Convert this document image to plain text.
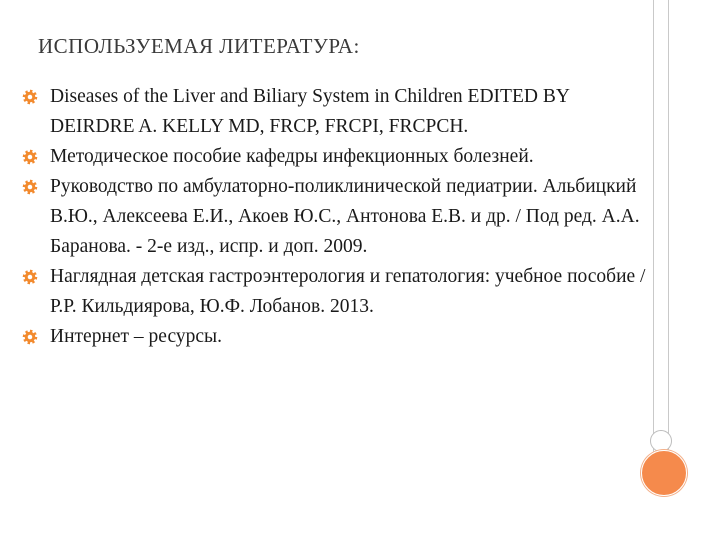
ИСПОЛЬЗУЕМАЯ ЛИТЕРАТУРА:
Diseases of the Liver and Biliary System in Children EDITED BY DEIRDRE A. KELLY MD, FRCP, FRCPI, FRCPCH.
Методическое пособие кафедры инфекционных болезней.
Руководство по амбулаторно-поликлинической педиатрии. Альбицкий В.Ю., Алексеева Е.И., Акоев Ю.С., Антонова Е.В. и др. / Под ред. А.А. Баранова. - 2-е изд., испр. и доп. 2009.
Наглядная детская гастроэнтерология и гепатология: учебное пособие / Р.Р. Кильдиярова, Ю.Ф. Лобанов. 2013.
Интернет – ресурсы.
